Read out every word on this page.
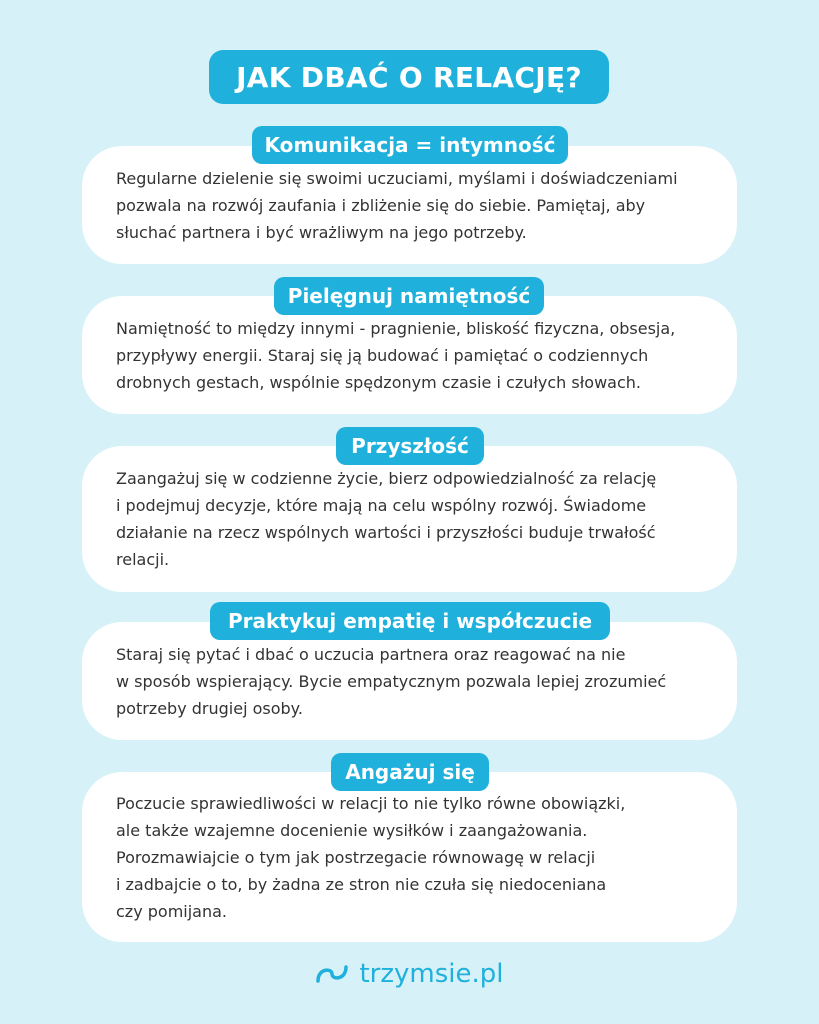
JAK DBAĆ O RELACJĘ?

Regularne dzielenie się swoimi uczuciami, myślami i doświadczeniami
pozwala na rozwój zaufania i zbliżenie się do siebie. Pamiętaj, aby
słuchać partnera i być wrażliwym na jego potrzeby.

Komunikacja = intymność

Namiętność to między innymi - pragnienie, bliskość fizyczna, obsesja,
przypływy energii. Staraj się ją budować i pamiętać o codziennych
drobnych gestach, wspólnie spędzonym czasie i czułych słowach.

Pielęgnuj namiętność

Zaangażuj się w codzienne życie, bierz odpowiedzialność za relację
i podejmuj decyzje, które mają na celu wspólny rozwój. Świadome
działanie na rzecz wspólnych wartości i przyszłości buduje trwałość
relacji.

Przyszłość

Staraj się pytać i dbać o uczucia partnera oraz reagować na nie
w sposób wspierający. Bycie empatycznym pozwala lepiej zrozumieć
potrzeby drugiej osoby.

Praktykuj empatię i współczucie

Poczucie sprawiedliwości w relacji to nie tylko równe obowiązki,
ale także wzajemne docenienie wysiłków i zaangażowania.
Porozmawiajcie o tym jak postrzegacie równowagę w relacji
i zadbajcie o to, by żadna ze stron nie czuła się niedoceniana
czy pomijana.

Angażuj się
trzymsie.pl
